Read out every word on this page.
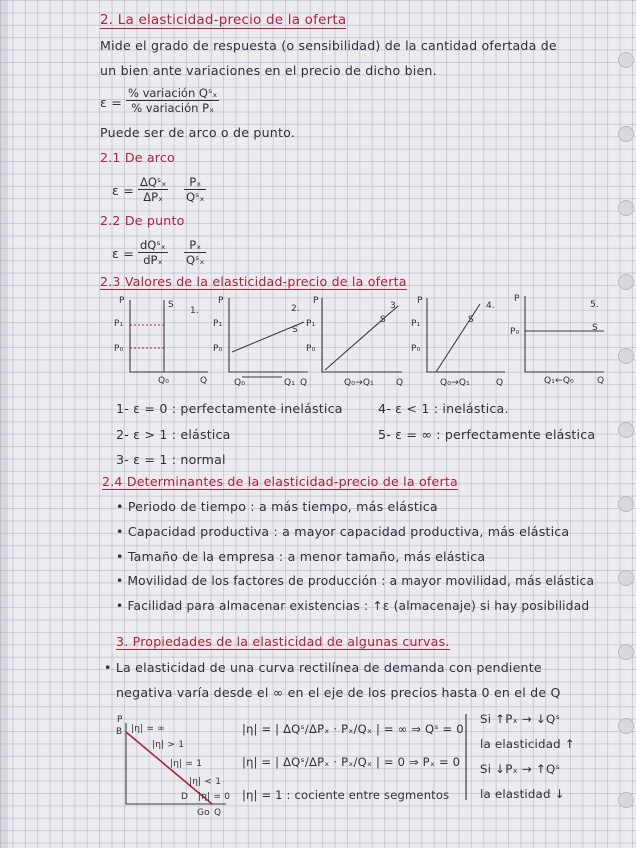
2. La elasticidad-precio de la oferta
Mide el grado de respuesta (o sensibilidad) de la cantidad ofertada de
un bien ante variaciones en el precio de dicho bien.
ε =
% variación Qˢₓ
% variación Pₓ
Puede ser de arco o de punto.
2.1 De arco
ε =
ΔQˢₓ
ΔPₓ
Pₓ
Qˢₓ
2.2 De punto
ε =
dQˢₓ
dPₓ
Pₓ
Qˢₓ
2.3 Valores de la elasticidad-precio de la oferta
P	S
1.
P₁
P₀
Q₀	Q
P
2.
S
P₁
P₀
Q₀	Q₁ Q
P	3
S
P₁
P₀
Q₀→Q₁ Q
P	4.
S
P₁
P₀
Q₀→Q₁	Q
P
5.
S
P₀
Q₁←Q₀	Q
1- ε = 0 : perfectamente inelástica
2- ε > 1 : elástica
3- ε = 1 : normal
4- ε < 1 : inelástica.
5- ε = ∞ : perfectamente elástica
2.4 Determinantes de la elasticidad-precio de la oferta
• Periodo de tiempo : a más tiempo, más elástica
• Capacidad productiva : a mayor capacidad productiva, más elástica
• Tamaño de la empresa : a menor tamaño, más elástica
• Movilidad de los factores de producción : a mayor movilidad, más elástica
• Facilidad para almacenar existencias : ↑ε (almacenaje) si hay posibilidad
3. Propiedades de la elasticidad de algunas curvas.
• La elasticidad de una curva rectilínea de demanda con pendiente
negativa varía desde el ∞ en el eje de los precios hasta 0 en el de Q
P
B |η| = ∞
|η| > 1
|η| = 1
|η| < 1
D |η| = 0
Go Q
|η| = | ΔQˢ/ΔPₓ · Pₓ/Qₓ | = ∞ ⇒ Qˢ = 0
|η| = | ΔQˢ/ΔPₓ · Pₓ/Qₓ | = 0 ⇒ Pₓ = 0
|η| = 1 : cociente entre segmentos
Si ↑Pₓ → ↓Qˢ
la elasticidad ↑
Si ↓Pₓ → ↑Qˢ
la elastidad ↓
